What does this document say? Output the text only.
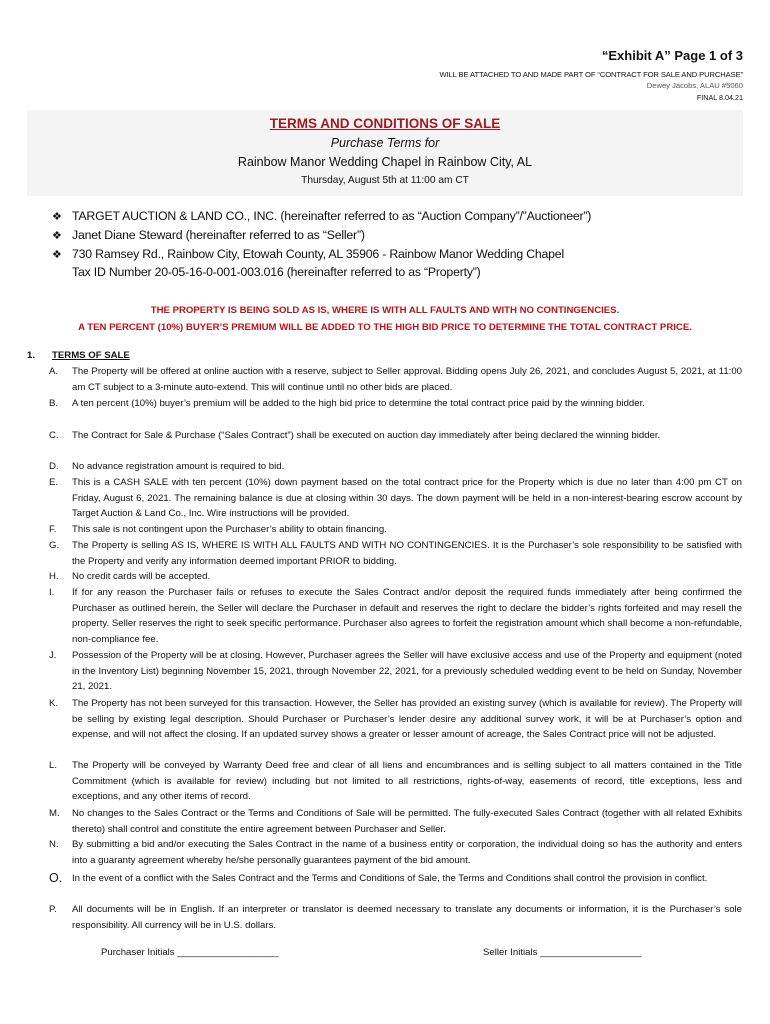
“Exhibit A” Page 1 of 3
WILL BE ATTACHED TO AND MADE PART OF “CONTRACT FOR SALE AND PURCHASE”
Dewey Jacobs, ALAU #5060
FINAL 8.04.21
TERMS AND CONDITIONS OF SALE
Purchase Terms for
Rainbow Manor Wedding Chapel in Rainbow City, AL
Thursday, August 5th at 11:00 am CT
❖ TARGET AUCTION & LAND CO., INC. (hereinafter referred to as “Auction Company”/”Auctioneer”)
❖ Janet Diane Steward (hereinafter referred to as “Seller”)
❖ 730 Ramsey Rd., Rainbow City, Etowah County, AL 35906 - Rainbow Manor Wedding Chapel
Tax ID Number 20-05-16-0-001-003.016 (hereinafter referred to as “Property”)
THE PROPERTY IS BEING SOLD AS IS, WHERE IS WITH ALL FAULTS AND WITH NO CONTINGENCIES.
A TEN PERCENT (10%) BUYER’S PREMIUM WILL BE ADDED TO THE HIGH BID PRICE TO DETERMINE THE TOTAL CONTRACT PRICE.
1. TERMS OF SALE
A. The Property will be offered at online auction with a reserve, subject to Seller approval. Bidding opens July 26, 2021, and concludes August 5, 2021, at 11:00 am CT subject to a 3-minute auto-extend. This will continue until no other bids are placed.
B. A ten percent (10%) buyer’s premium will be added to the high bid price to determine the total contract price paid by the winning bidder.
C. The Contract for Sale & Purchase (“Sales Contract”) shall be executed on auction day immediately after being declared the winning bidder.
D. No advance registration amount is required to bid.
E. This is a CASH SALE with ten percent (10%) down payment based on the total contract price for the Property which is due no later than 4:00 pm CT on Friday, August 6, 2021. The remaining balance is due at closing within 30 days. The down payment will be held in a non-interest-bearing escrow account by Target Auction & Land Co., Inc. Wire instructions will be provided.
F. This sale is not contingent upon the Purchaser’s ability to obtain financing.
G. The Property is selling AS IS, WHERE IS WITH ALL FAULTS AND WITH NO CONTINGENCIES. It is the Purchaser’s sole responsibility to be satisfied with the Property and verify any information deemed important PRIOR to bidding.
H. No credit cards will be accepted.
I. If for any reason the Purchaser fails or refuses to execute the Sales Contract and/or deposit the required funds immediately after being confirmed the Purchaser as outlined herein, the Seller will declare the Purchaser in default and reserves the right to declare the bidder’s rights forfeited and may resell the property. Seller reserves the right to seek specific performance. Purchaser also agrees to forfeit the registration amount which shall become a non-refundable, non-compliance fee.
J. Possession of the Property will be at closing. However, Purchaser agrees the Seller will have exclusive access and use of the Property and equipment (noted in the Inventory List) beginning November 15, 2021, through November 22, 2021, for a previously scheduled wedding event to be held on Sunday, November 21, 2021.
K. The Property has not been surveyed for this transaction. However, the Seller has provided an existing survey (which is available for review). The Property will be selling by existing legal description. Should Purchaser or Purchaser’s lender desire any additional survey work, it will be at Purchaser’s option and expense, and will not affect the closing. If an updated survey shows a greater or lesser amount of acreage, the Sales Contract price will not be adjusted.
L. The Property will be conveyed by Warranty Deed free and clear of all liens and encumbrances and is selling subject to all matters contained in the Title Commitment (which is available for review) including but not limited to all restrictions, rights-of-way, easements of record, title exceptions, less and exceptions, and any other items of record.
M. No changes to the Sales Contract or the Terms and Conditions of Sale will be permitted. The fully-executed Sales Contract (together with all related Exhibits thereto) shall control and constitute the entire agreement between Purchaser and Seller.
N. By submitting a bid and/or executing the Sales Contract in the name of a business entity or corporation, the individual doing so has the authority and enters into a guaranty agreement whereby he/she personally guarantees payment of the bid amount.
O. In the event of a conflict with the Sales Contract and the Terms and Conditions of Sale, the Terms and Conditions shall control the provision in conflict.
P. All documents will be in English. If an interpreter or translator is deemed necessary to translate any documents or information, it is the Purchaser’s sole responsibility. All currency will be in U.S. dollars.
Purchaser Initials ___________________	Seller Initials ___________________
